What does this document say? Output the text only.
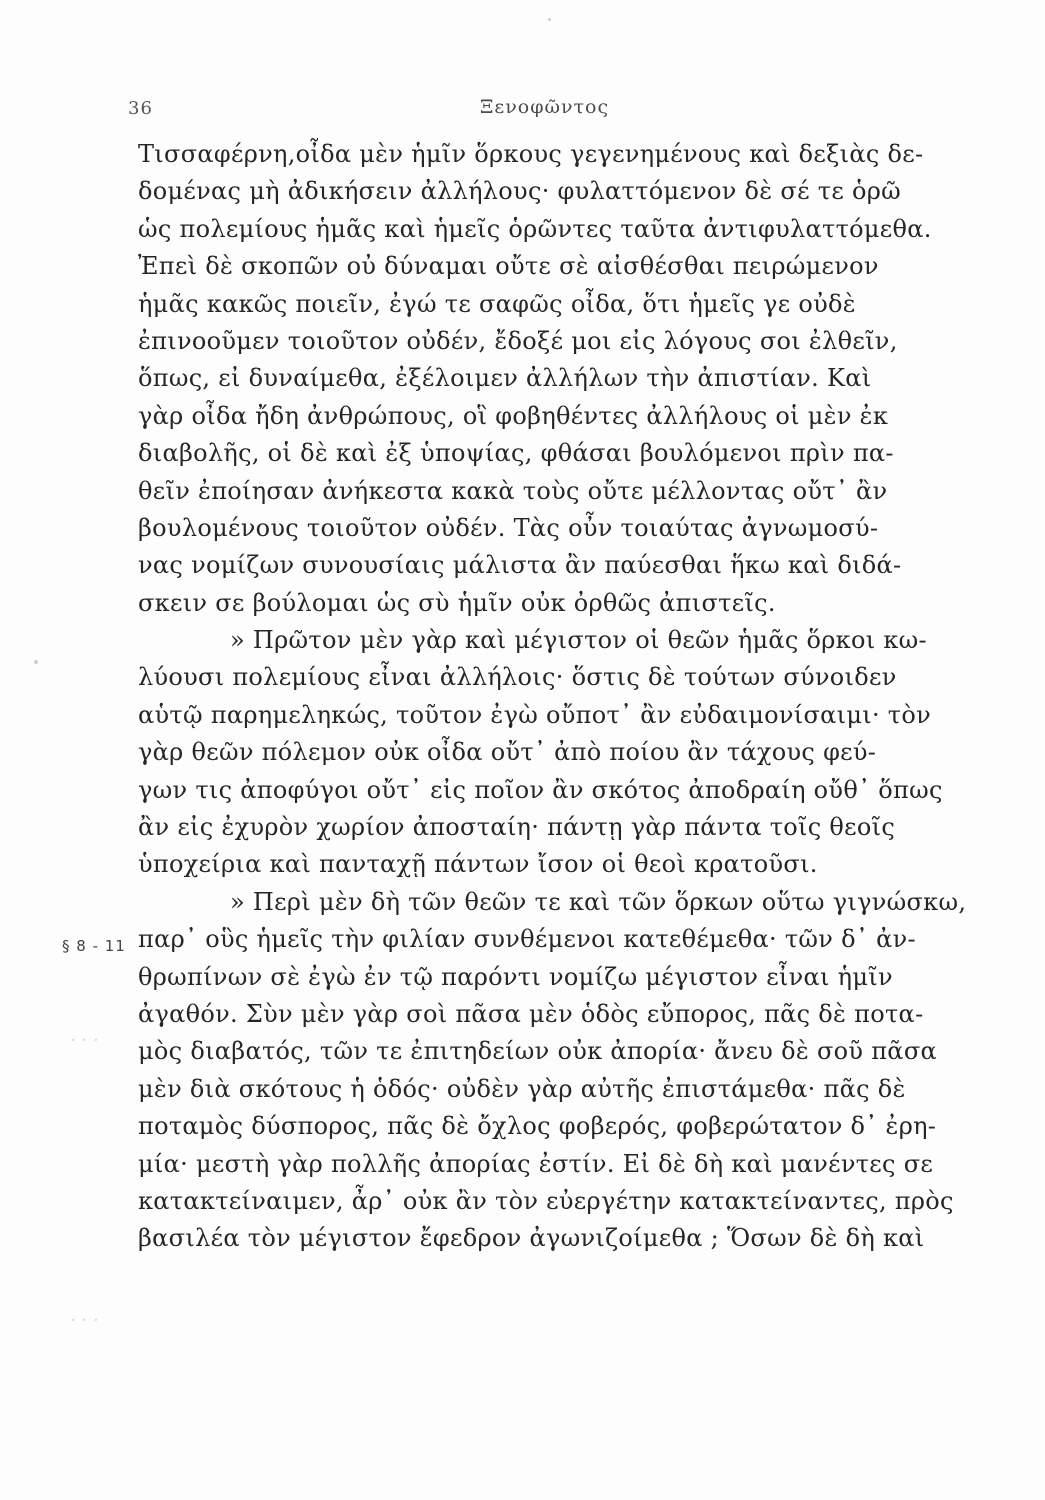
36	Ξενοφῶντος
§ 8 - 11
· · ·
· · ·
Τισσαφέρνη,οἶδα μὲν ἡμῖν ὅρκους γεγενημένους καὶ δεξιὰς δε-
δομένας μὴ ἀδικήσειν ἀλλήλους· φυλαττόμενον δὲ σέ τε ὁρῶ
ὡς πολεμίους ἡμᾶς καὶ ἡμεῖς ὁρῶντες ταῦτα ἀντιφυλαττόμεθα.
Ἐπεὶ δὲ σκοπῶν οὐ δύναμαι οὔτε σὲ αἰσθέσθαι πειρώμενον
ἡμᾶς κακῶς ποιεῖν, ἐγώ τε σαφῶς οἶδα, ὅτι ἡμεῖς γε οὐδὲ
ἐπινοοῦμεν τοιοῦτον οὐδέν, ἔδοξέ μοι εἰς λόγους σοι ἐλθεῖν,
ὅπως, εἰ δυναίμεθα, ἐξέλοιμεν ἀλλήλων τὴν ἀπιστίαν. Καὶ
γὰρ οἶδα ἤδη ἀνθρώπους, οἳ φοβηθέντες ἀλλήλους οἱ μὲν ἐκ
διαβολῆς, οἱ δὲ καὶ ἐξ ὑποψίας, φθάσαι βουλόμενοι πρὶν πα-
θεῖν ἐποίησαν ἀνήκεστα κακὰ τοὺς οὔτε μέλλοντας οὔτ᾽ ἂν
βουλομένους τοιοῦτον οὐδέν. Τὰς οὖν τοιαύτας ἀγνωμοσύ-
νας νομίζων συνουσίαις μάλιστα ἂν παύεσθαι ἥκω καὶ διδά-
σκειν σε βούλομαι ὡς σὺ ἡμῖν οὐκ ὀρθῶς ἀπιστεῖς.
» Πρῶτον μὲν γὰρ καὶ μέγιστον οἱ θεῶν ἡμᾶς ὅρκοι κω-
λύουσι πολεμίους εἶναι ἀλλήλοις· ὅστις δὲ τούτων σύνοιδεν
αὑτῷ παρημεληκώς, τοῦτον ἐγὼ οὔποτ᾽ ἂν εὐδαιμονίσαιμι· τὸν
γὰρ θεῶν πόλεμον οὐκ οἶδα οὔτ᾽ ἀπὸ ποίου ἂν τάχους φεύ-
γων τις ἀποφύγοι οὔτ᾽ εἰς ποῖον ἂν σκότος ἀποδραίη οὔθ᾽ ὅπως
ἂν εἰς ἐχυρὸν χωρίον ἀποσταίη· πάντῃ γὰρ πάντα τοῖς θεοῖς
ὑποχείρια καὶ πανταχῇ πάντων ἴσον οἱ θεοὶ κρατοῦσι.
» Περὶ μὲν δὴ τῶν θεῶν τε καὶ τῶν ὅρκων οὕτω γιγνώσκω,
παρ᾽ οὓς ἡμεῖς τὴν φιλίαν συνθέμενοι κατεθέμεθα· τῶν δ᾽ ἀν-
θρωπίνων σὲ ἐγὼ ἐν τῷ παρόντι νομίζω μέγιστον εἶναι ἡμῖν
ἀγαθόν. Σὺν μὲν γὰρ σοὶ πᾶσα μὲν ὁδὸς εὔπορος, πᾶς δὲ ποτα-
μὸς διαβατός, τῶν τε ἐπιτηδείων οὐκ ἀπορία· ἄνευ δὲ σοῦ πᾶσα
μὲν διὰ σκότους ἡ ὁδός· οὐδὲν γὰρ αὐτῆς ἐπιστάμεθα· πᾶς δὲ
ποταμὸς δύσπορος, πᾶς δὲ ὄχλος φοβερός, φοβερώτατον δ᾽ ἐρη-
μία· μεστὴ γὰρ πολλῆς ἀπορίας ἐστίν. Εἰ δὲ δὴ καὶ μανέντες σε
κατακτείναιμεν, ἆρ᾽ οὐκ ἂν τὸν εὐεργέτην κατακτείναντες, πρὸς
βασιλέα τὸν μέγιστον ἔφεδρον ἀγωνιζοίμεθα ; Ὅσων δὲ δὴ καὶ
